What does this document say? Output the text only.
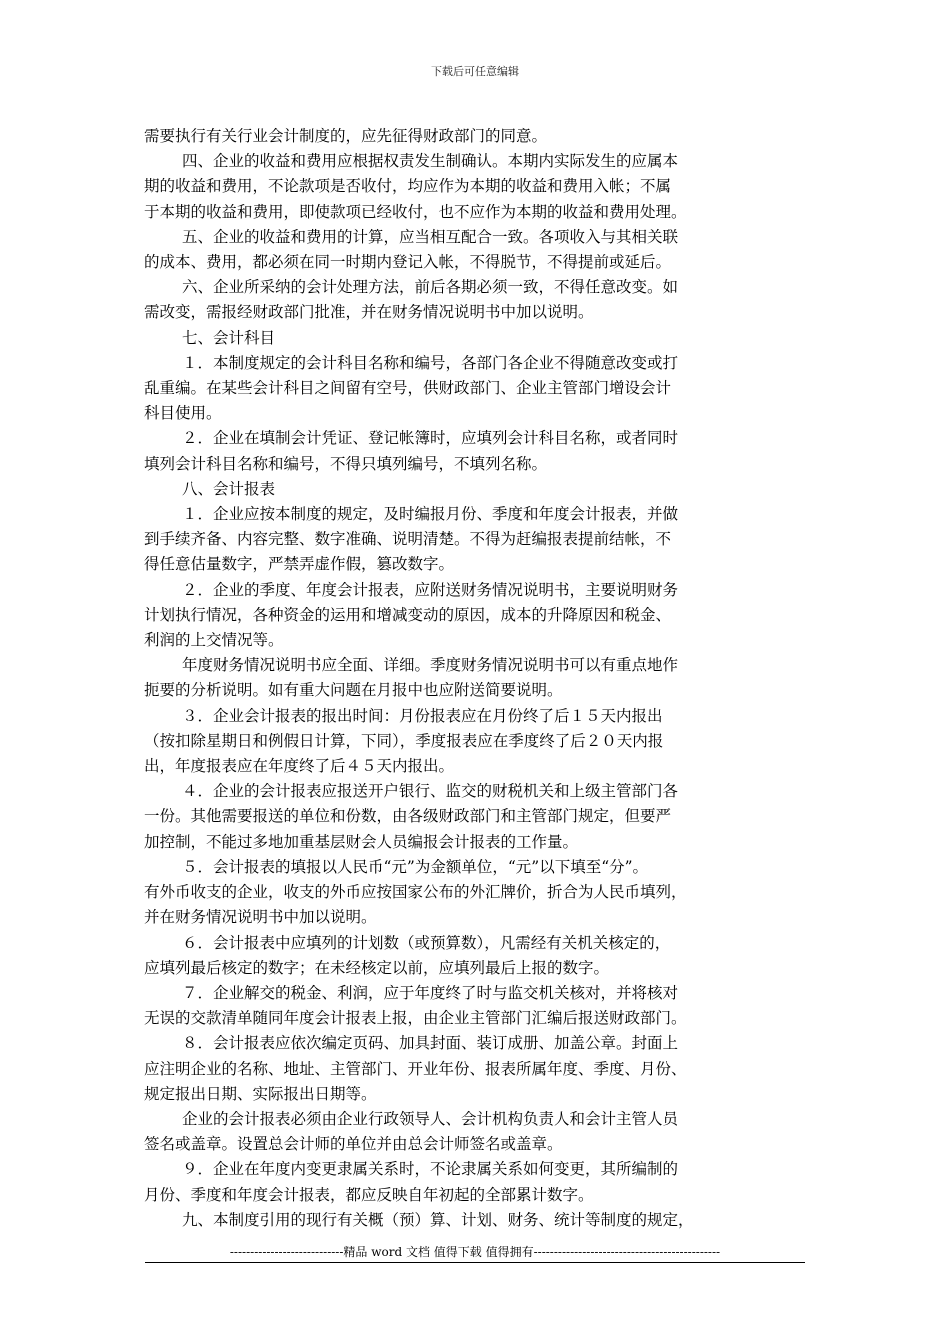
下载后可任意编辑

需要执行有关行业会计制度的，应先征得财政部门的同意。

四、企业的收益和费用应根据权责发生制确认。本期内实际发生的应属本

期的收益和费用，不论款项是否收付，均应作为本期的收益和费用入帐；不属

于本期的收益和费用，即使款项已经收付，也不应作为本期的收益和费用处理。

五、企业的收益和费用的计算，应当相互配合一致。各项收入与其相关联

的成本、费用，都必须在同一时期内登记入帐，不得脱节，不得提前或延后。

六、企业所采纳的会计处理方法，前后各期必须一致，不得任意改变。如

需改变，需报经财政部门批准，并在财务情况说明书中加以说明。

七、会计科目

１．本制度规定的会计科目名称和编号，各部门各企业不得随意改变或打

乱重编。在某些会计科目之间留有空号，供财政部门、企业主管部门增设会计

科目使用。

２．企业在填制会计凭证、登记帐簿时，应填列会计科目名称，或者同时

填列会计科目名称和编号，不得只填列编号，不填列名称。

八、会计报表

１．企业应按本制度的规定，及时编报月份、季度和年度会计报表，并做

到手续齐备、内容完整、数字准确、说明清楚。不得为赶编报表提前结帐，不

得任意估量数字，严禁弄虚作假，篡改数字。

２．企业的季度、年度会计报表，应附送财务情况说明书，主要说明财务

计划执行情况，各种资金的运用和增减变动的原因，成本的升降原因和税金、

利润的上交情况等。

年度财务情况说明书应全面、详细。季度财务情况说明书可以有重点地作

扼要的分析说明。如有重大问题在月报中也应附送简要说明。

３．企业会计报表的报出时间：月份报表应在月份终了后１５天内报出

（按扣除星期日和例假日计算，下同），季度报表应在季度终了后２０天内报

出，年度报表应在年度终了后４５天内报出。

４．企业的会计报表应报送开户银行、监交的财税机关和上级主管部门各

一份。其他需要报送的单位和份数，由各级财政部门和主管部门规定，但要严

加控制，不能过多地加重基层财会人员编报会计报表的工作量。

５．会计报表的填报以人民币“元”为金额单位，“元”以下填至“分”。

有外币收支的企业，收支的外币应按国家公布的外汇牌价，折合为人民币填列，

并在财务情况说明书中加以说明。

６．会计报表中应填列的计划数（或预算数），凡需经有关机关核定的，

应填列最后核定的数字；在未经核定以前，应填列最后上报的数字。

７．企业解交的税金、利润，应于年度终了时与监交机关核对，并将核对

无误的交款清单随同年度会计报表上报，由企业主管部门汇编后报送财政部门。

８．会计报表应依次编定页码、加具封面、装订成册、加盖公章。封面上

应注明企业的名称、地址、主管部门、开业年份、报表所属年度、季度、月份、

规定报出日期、实际报出日期等。

企业的会计报表必须由企业行政领导人、会计机构负责人和会计主管人员

签名或盖章。设置总会计师的单位并由总会计师签名或盖章。

９．企业在年度内变更隶属关系时，不论隶属关系如何变更，其所编制的

月份、季度和年度会计报表，都应反映自年初起的全部累计数字。

九、本制度引用的现行有关概（预）算、计划、财务、统计等制度的规定，

----------------------------精品 word 文档 值得下载 值得拥有----------------------------------------------
